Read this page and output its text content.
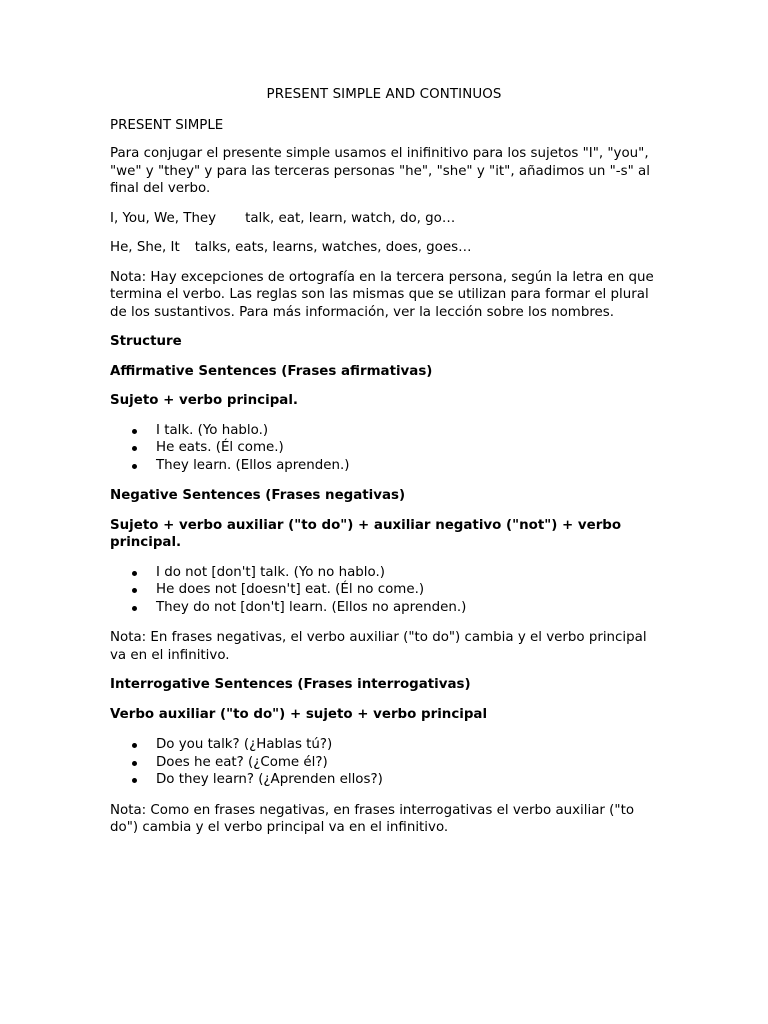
PRESENT SIMPLE AND CONTINUOS

PRESENT SIMPLE

Para conjugar el presente simple usamos el inifinitivo para los sujetos "I", "you", "we" y "they" y para las terceras personas "he", "she" y "it", añadimos un "-s" al final del verbo.

I, You, We, They talk, eat, learn, watch, do, go…

He, She, It talks, eats, learns, watches, does, goes…

Nota: Hay excepciones de ortografía en la tercera persona, según la letra en que termina el verbo. Las reglas son las mismas que se utilizan para formar el plural de los sustantivos. Para más información, ver la lección sobre los nombres.

Structure

Affirmative Sentences (Frases afirmativas)

Sujeto + verbo principal.

I talk. (Yo hablo.)
He eats. (Él come.)
They learn. (Ellos aprenden.)

Negative Sentences (Frases negativas)

Sujeto + verbo auxiliar ("to do") + auxiliar negativo ("not") + verbo principal.

I do not [don't] talk. (Yo no hablo.)
He does not [doesn't] eat. (Él no come.)
They do not [don't] learn. (Ellos no aprenden.)

Nota: En frases negativas, el verbo auxiliar ("to do") cambia y el verbo principal va en el infinitivo.

Interrogative Sentences (Frases interrogativas)

Verbo auxiliar ("to do") + sujeto + verbo principal

Do you talk? (¿Hablas tú?)
Does he eat? (¿Come él?)
Do they learn? (¿Aprenden ellos?)

Nota: Como en frases negativas, en frases interrogativas el verbo auxiliar ("to do") cambia y el verbo principal va en el infinitivo.
